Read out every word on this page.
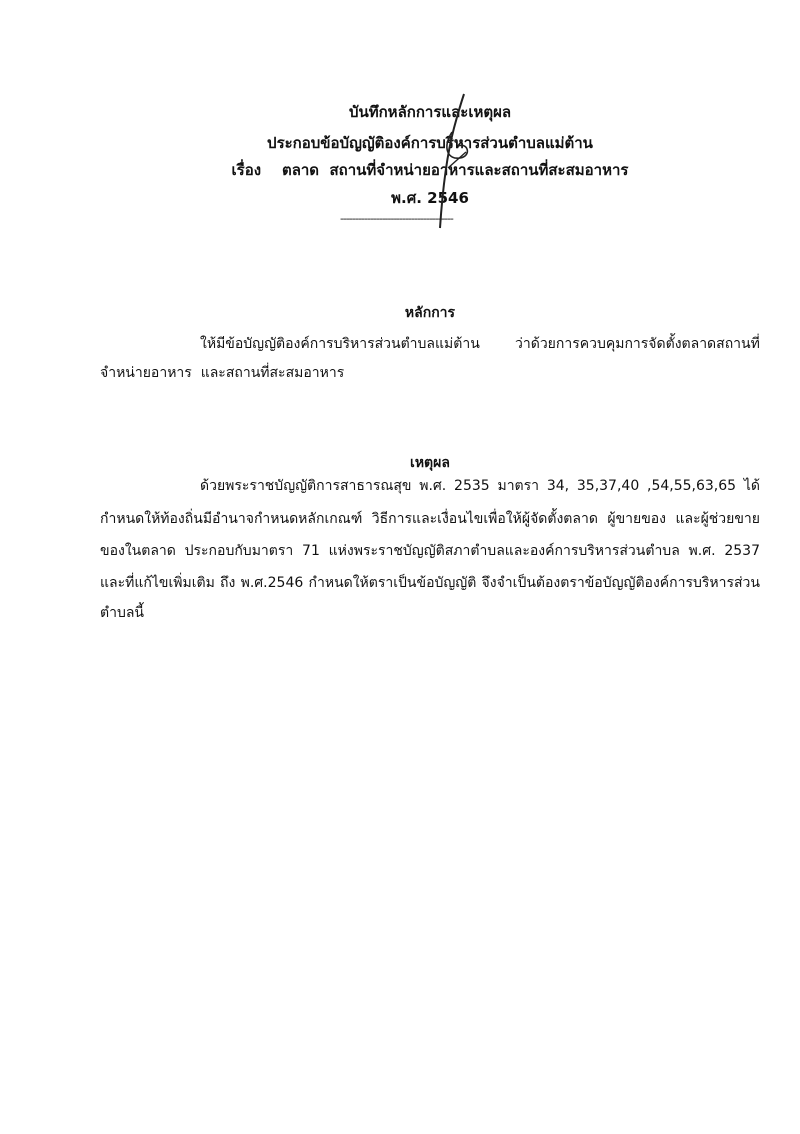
บันทึกหลักการและเหตุผล
ประกอบข้อบัญญัติองค์การบริหารส่วนตำบลแม่ต้าน
เรื่อง    ตลาด  สถานที่จำหน่ายอาหารและสถานที่สะสมอาหาร
พ.ศ. 2546
--------------------------------------
หลักการ
ให้มีข้อบัญญัติองค์การบริหารส่วนตำบลแม่ต้าน	ว่าด้วยการควบคุมการจัดตั้งตลาดสถานที่
จำหน่ายอาหาร  และสถานที่สะสมอาหาร
เหตุผล
ด้วยพระราชบัญญัติการสาธารณสุข พ.ศ. 2535 มาตรา 34, 35,37,40 ,54,55,63,65 ได้
กำหนดให้ท้องถิ่นมีอำนาจกำหนดหลักเกณฑ์ วิธีการและเงื่อนไขเพื่อให้ผู้จัดตั้งตลาด ผู้ขายของ และผู้ช่วยขาย
ของในตลาด ประกอบกับมาตรา 71 แห่งพระราชบัญญัติสภาตำบลและองค์การบริหารส่วนตำบล พ.ศ. 2537
และที่แก้ไขเพิ่มเติม ถึง พ.ศ.2546 กำหนดให้ตราเป็นข้อบัญญัติ จึงจำเป็นต้องตราข้อบัญญัติองค์การบริหารส่วน
ตำบลนี้
